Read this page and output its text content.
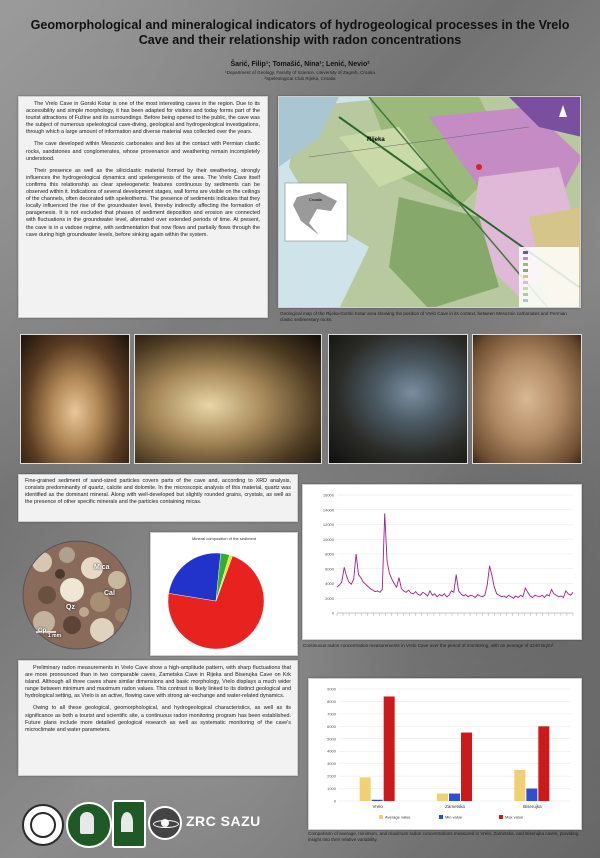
Geomorphological and mineralogical indicators of hydrogeological processes in the Vrelo Cave and their relationship with radon concentrations
Šarić, Filip¹; Tomašić, Nina¹; Lenić, Nevio²
¹Department of Geology, Faculty of Science, University of Zagreb, Croatia
²Speleological Club Rijeka, Croatia

The Vrelo Cave in Gorski Kotar is one of the most interesting caves in the region. Due to its accessibility and simple morphology, it has been adapted for visitors and today forms part of the tourist attractions of Fužine and its surroundings. Before being opened to the public, the cave was the subject of numerous speleological cave-diving, geological and hydrogeological investigations, through which a large amount of information and diverse material was collected over the years.

The cave developed within Mesozoic carbonates and lies at the contact with Permian clastic rocks, sandstones and conglomerates, whose provenance and weathering remain incompletely understood.

Their presence as well as the siliciclastic material formed by their weathering, strongly influences the hydrogeological dynamics and speleogenesis of the area. The Vrelo Cave itself confirms this relationship as clear speleogenetic features continuous by sediments can be observed within it. Indications of several development stages, wall forms are visible on the ceilings of the channels, often decorated with speleothems. The presence of sediments indicates that they locally influenced the rise of the groundwater level, thereby indirectly affecting the formation of paragenesis. It is not excluded that phases of sediment deposition and erosion are connected with fluctuations in the groundwater level, alternated over extended periods of time. At present, the cave is in a vadose regime, with sedimentation that now flows and partially flows through the cave during high groundwater levels, before sinking again within the system.

Rijeka
Croatia
Geological map of the Rijeka-Gorski Kotar area showing the position of Vrelo Cave in its context, between Mesozoic carbonates and Permian clastic sedimentary rocks.
Fine-grained sediment of sand-sized particles covers parts of the cave and, according to XRD analysis, consists predominantly of quartz, calcite and dolomite. In the microscopic analysis of this material, quartz was identified as the dominant mineral. Along with well-developed but slightly rounded grains, crystals, as well as the presence of other specific minerals and the particles containing micas.
Mica
Cal
Qz
Gp
1 mm
Mineral composition of the sediment
0
2000
4000
6000
8000
10000
12000
14000
16000
Continuous radon concentration measurements in Vrelo Cave over the period of monitoring, with an average of 4240 Bq/m³.

Preliminary radon measurements in Vrelo Cave show a high-amplitude pattern, with sharp fluctuations that are more pronounced than in two comparable caves, Zametska Cave in Rijeka and Biserujka Cave on Krk island. Although all three caves share similar dimensions and basic morphology, Vrelo displays a much wider range between minimum and maximum radon values. This contrast is likely linked to its distinct geological and hydrological setting, as Vrelo is an active, flowing cave with strong air-exchange and water-related dynamics.

Owing to all these geological, geomorphological, and hydrogeological characteristics, as well as its significance as both a tourist and scientific site, a continuous radon monitoring program has been established. Future plans include more detailed geological research as well as systematic monitoring of the cave's microclimate and water parameters.

0
1000
2000
3000
4000
5000
6000
7000
8000
9000
Vrelo	Zametska	Biserujka
Average value	Min value	Max value
Comparison of average, minimum, and maximum radon concentrations measured in Vrelo, Zametska, and Biserujka caves, providing insight into their relative variability.
ZRC SAZU
